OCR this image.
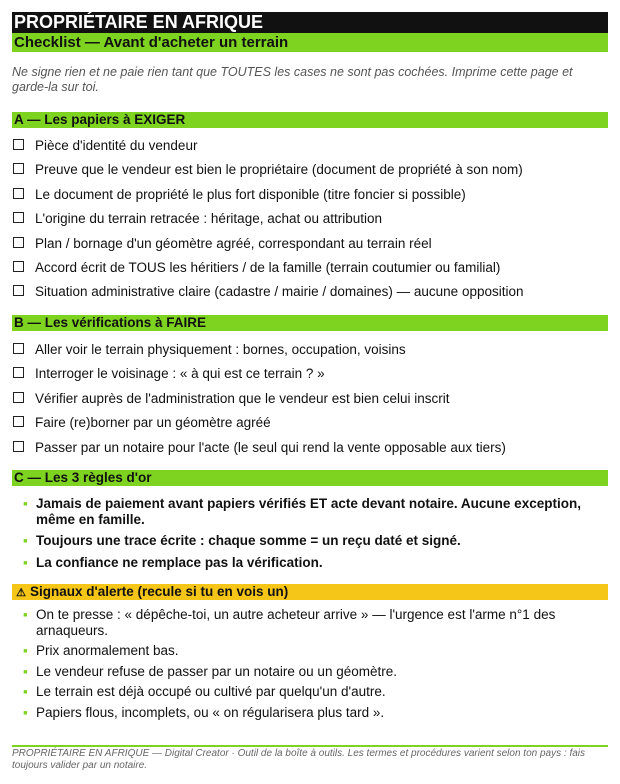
PROPRIÉTAIRE EN AFRIQUE
Checklist — Avant d'acheter un terrain

Ne signe rien et ne paie rien tant que TOUTES les cases ne sont pas cochées. Imprime cette page et garde-la sur toi.

A — Les papiers à EXIGER
Pièce d'identité du vendeur
Preuve que le vendeur est bien le propriétaire (document de propriété à son nom)
Le document de propriété le plus fort disponible (titre foncier si possible)
L'origine du terrain retracée : héritage, achat ou attribution
Plan / bornage d'un géomètre agréé, correspondant au terrain réel
Accord écrit de TOUS les héritiers / de la famille (terrain coutumier ou familial)
Situation administrative claire (cadastre / mairie / domaines) — aucune opposition
B — Les vérifications à FAIRE
Aller voir le terrain physiquement : bornes, occupation, voisins
Interroger le voisinage : « à qui est ce terrain ? »
Vérifier auprès de l'administration que le vendeur est bien celui inscrit
Faire (re)borner par un géomètre agréé
Passer par un notaire pour l'acte (le seul qui rend la vente opposable aux tiers)
C — Les 3 règles d'or
▪ Jamais de paiement avant papiers vérifiés ET acte devant notaire. Aucune exception, même en famille.
▪ Toujours une trace écrite : chaque somme = un reçu daté et signé.
▪ La confiance ne remplace pas la vérification.
⚠ Signaux d'alerte (recule si tu en vois un)
▪ On te presse : « dépêche-toi, un autre acheteur arrive » — l'urgence est l'arme n°1 des arnaqueurs.
▪ Prix anormalement bas.
▪ Le vendeur refuse de passer par un notaire ou un géomètre.
▪ Le terrain est déjà occupé ou cultivé par quelqu'un d'autre.
▪ Papiers flous, incomplets, ou « on régularisera plus tard ».

PROPRIÉTAIRE EN AFRIQUE — Digital Creator · Outil de la boîte à outils. Les termes et procédures varient selon ton pays : fais toujours valider par un notaire.
